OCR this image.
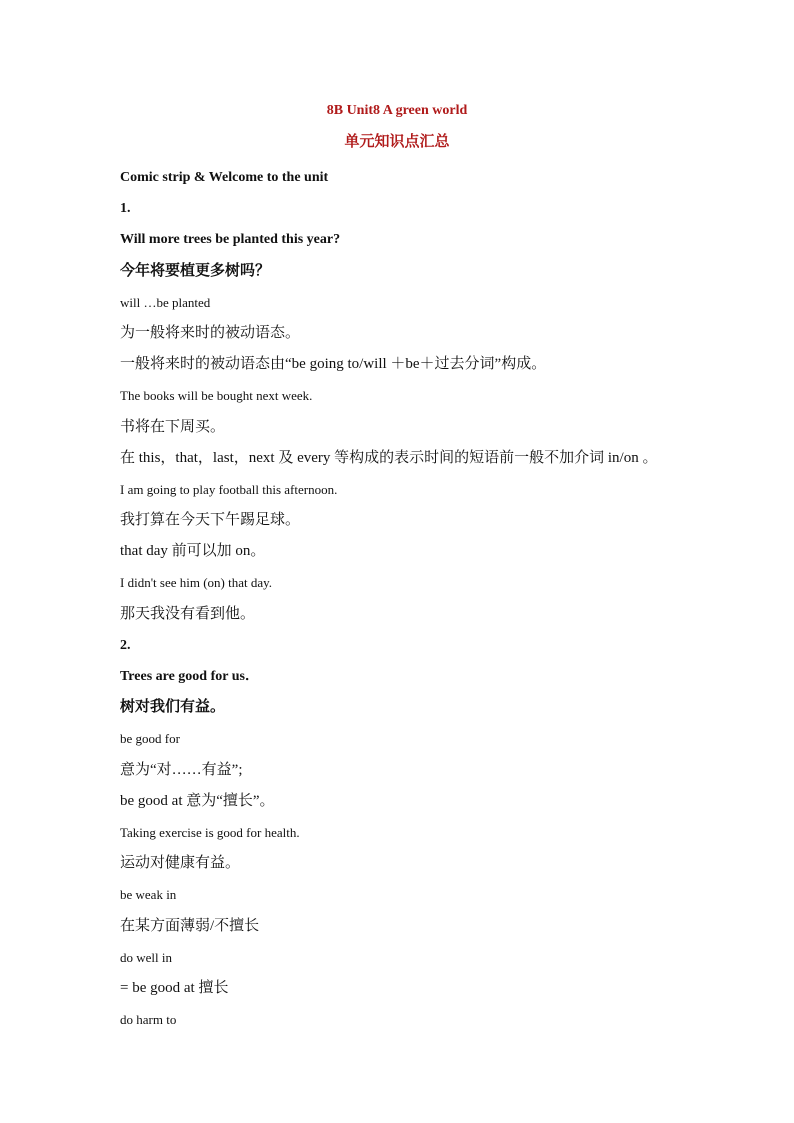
8B Unit8 A green world
单元知识点汇总
Comic strip & Welcome to the unit
1.
Will more trees be planted this year?
今年将要植更多树吗？
will …be planted
为一般将来时的被动语态。
一般将来时的被动语态由“be going to/will ＋be＋过去分词”构成。
The books will be bought next week.
书将在下周买。
在 this，that，last，next 及 every 等构成的表示时间的短语前一般不加介词 in/on 。
I am going to play football this afternoon.
我打算在今天下午踢足球。
that day 前可以加 on。
I didn't see him (on) that day.
那天我没有看到他。
2.
Trees are good for us．
树对我们有益。
be good for
意为“对……有益”;
be good at 意为“擅长”。
Taking exercise is good for health.
运动对健康有益。
be weak in
在某方面薄弱/不擅长
do well in
= be good at 擅长
do harm to
